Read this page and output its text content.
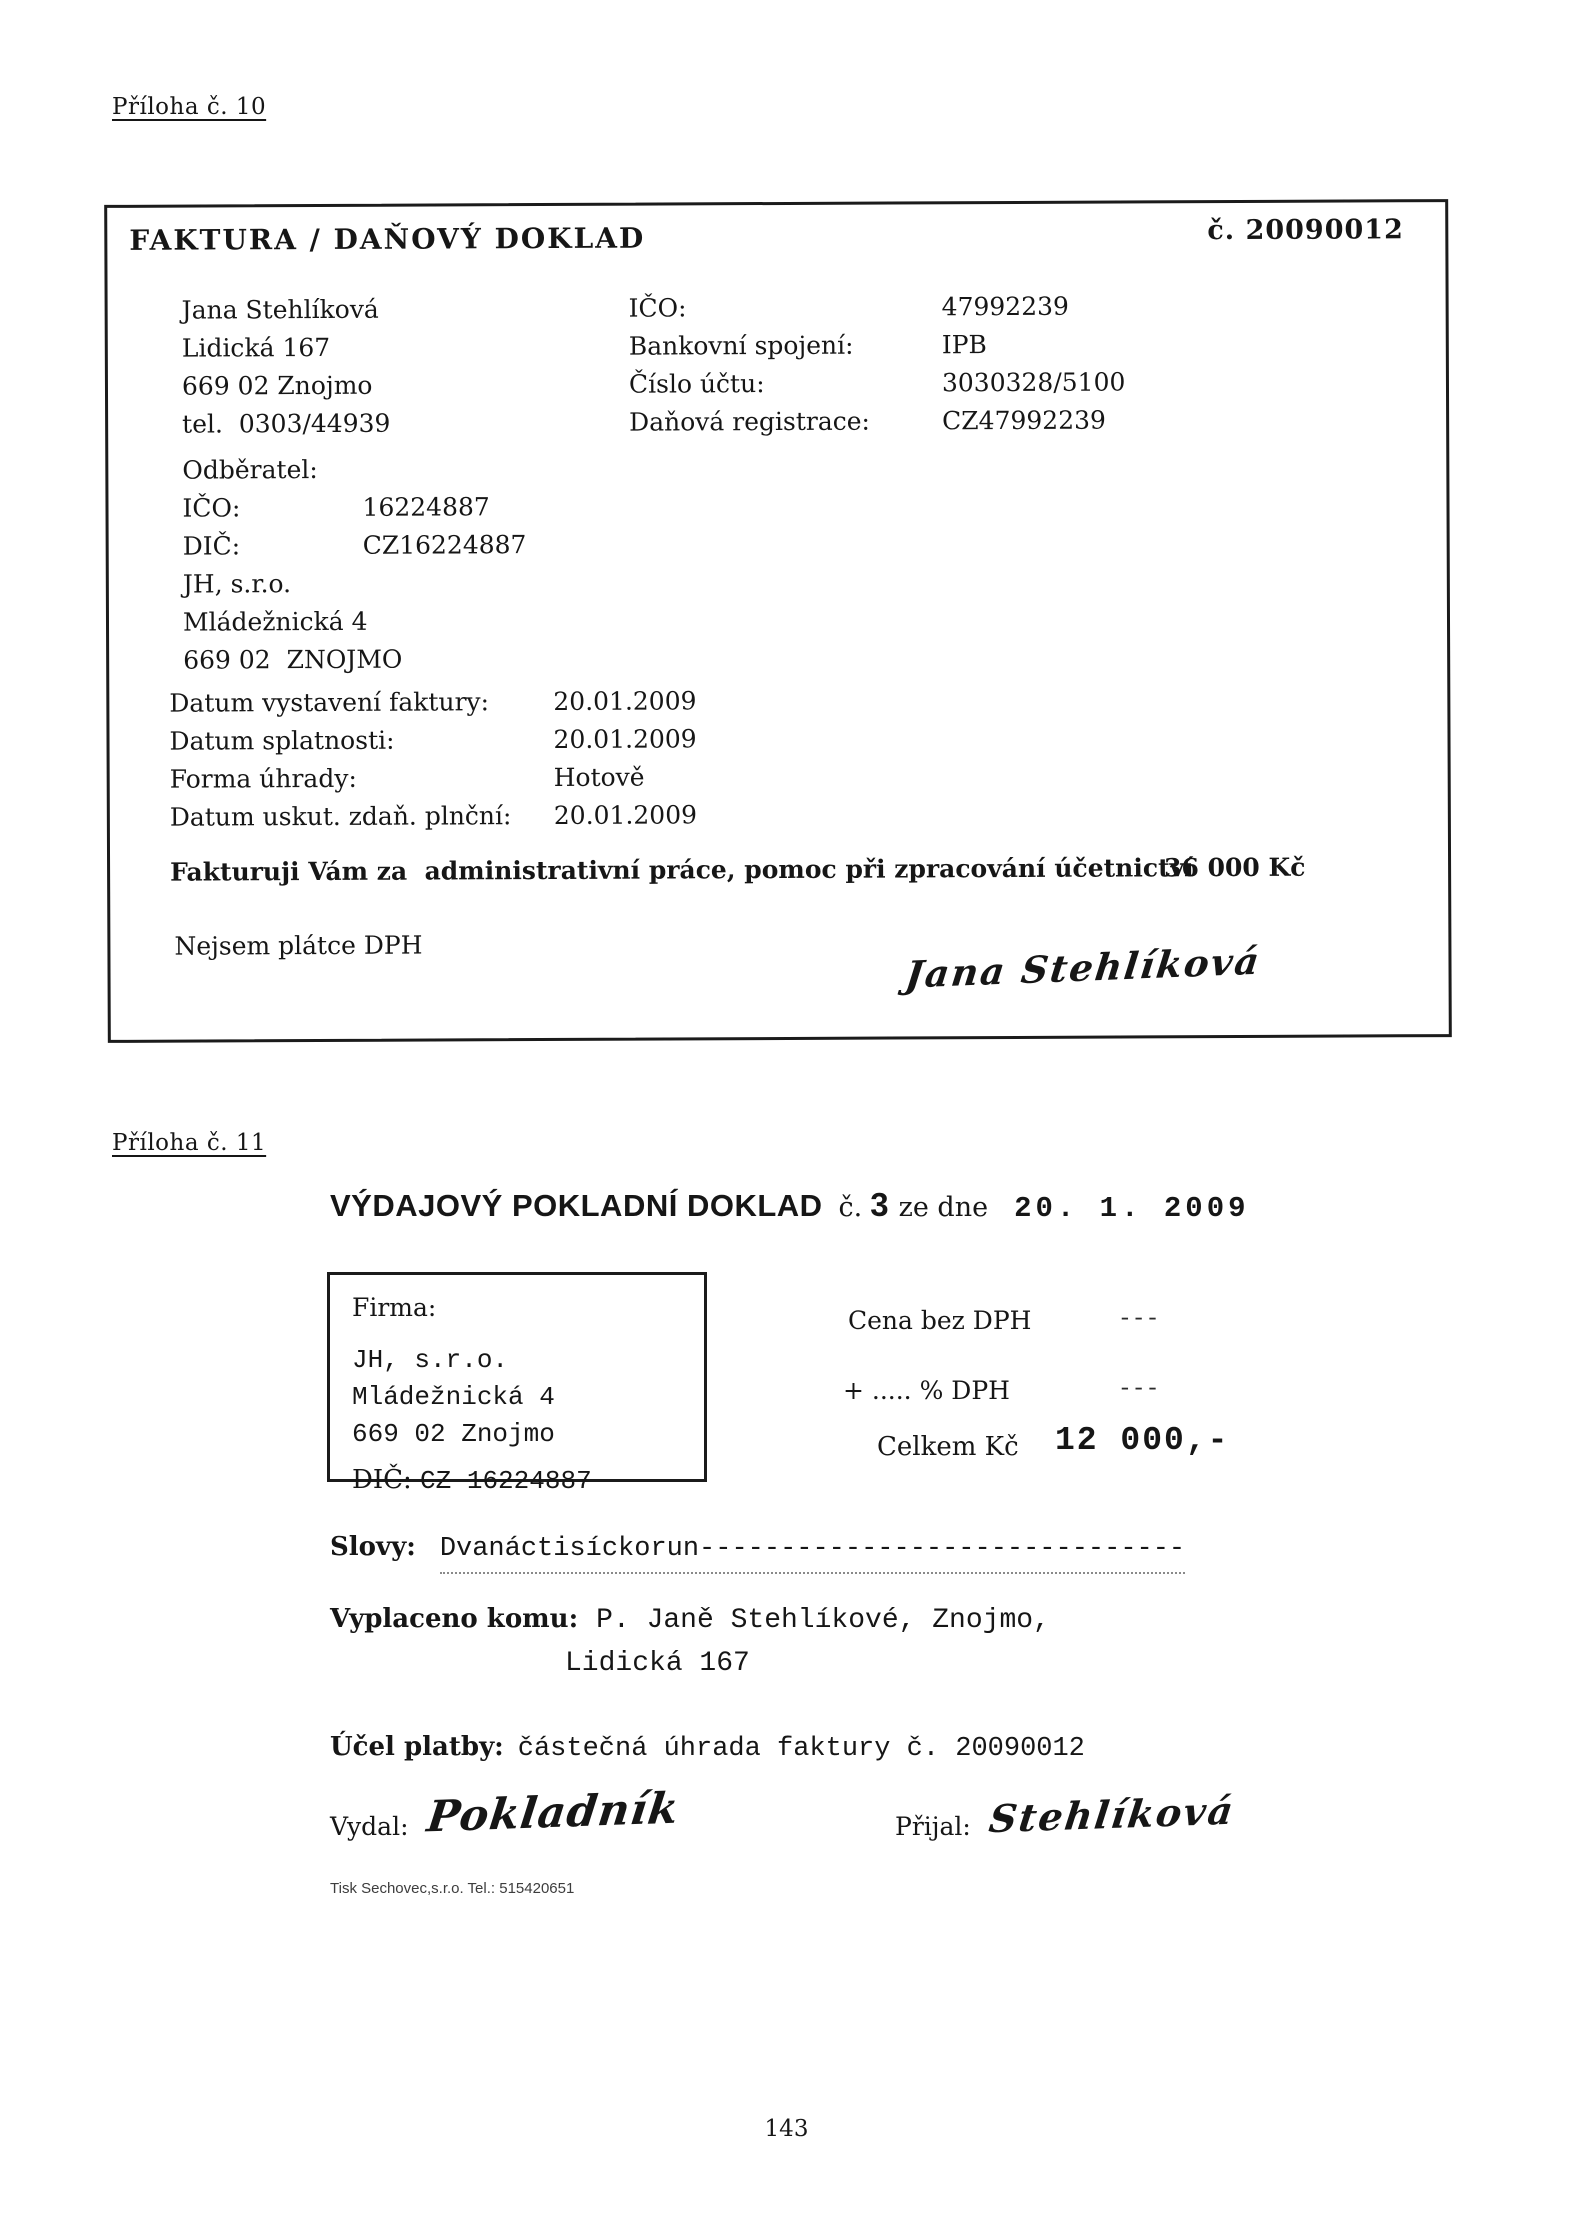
Příloha č. 10
FAKTURA / DAŇOVÝ DOKLAD	č. 20090012
Jana Stehlíková
Lidická 167
669 02 Znojmo
tel.  0303/44939
IČO:	47992239
Bankovní spojení:	IPB
Číslo účtu:	3030328/5100
Daňová registrace:	CZ47992239
Odběratel:
IČO:	16224887
DIČ:	CZ16224887
JH, s.r.o.
Mládežnická 4
669 02  ZNOJMO
Datum vystavení faktury:	20.01.2009
Datum splatnosti:	20.01.2009
Forma úhrady:	Hotově
Datum uskut. zdaň. plnční:	20.01.2009
Fakturuji Vám za  administrativní práce, pomoc při zpracování účetnictví
36 000 Kč
Nejsem plátce DPH	Jana Stehlíková
Příloha č. 11
VÝDAJOVÝ POKLADNÍ DOKLAD č. 3 ze dne 20. 1. 2009
Firma:
JH, s.r.o.
Mládežnická 4
669 02 Znojmo
DIČ: CZ 16224887
Cena bez DPH	---
+ ..... % DPH	---
Celkem Kč 12 000,-
Slovy: Dvanáctisíckorun------------------------------
Vyplaceno komu: P. Janě Stehlíkové, Znojmo,
Lidická 167
Účel platby: částečná úhrada faktury č. 20090012
Vydal: Pokladník	Přijal: Stehlíková
Tisk Sechovec,s.r.o. Tel.: 515420651
143
